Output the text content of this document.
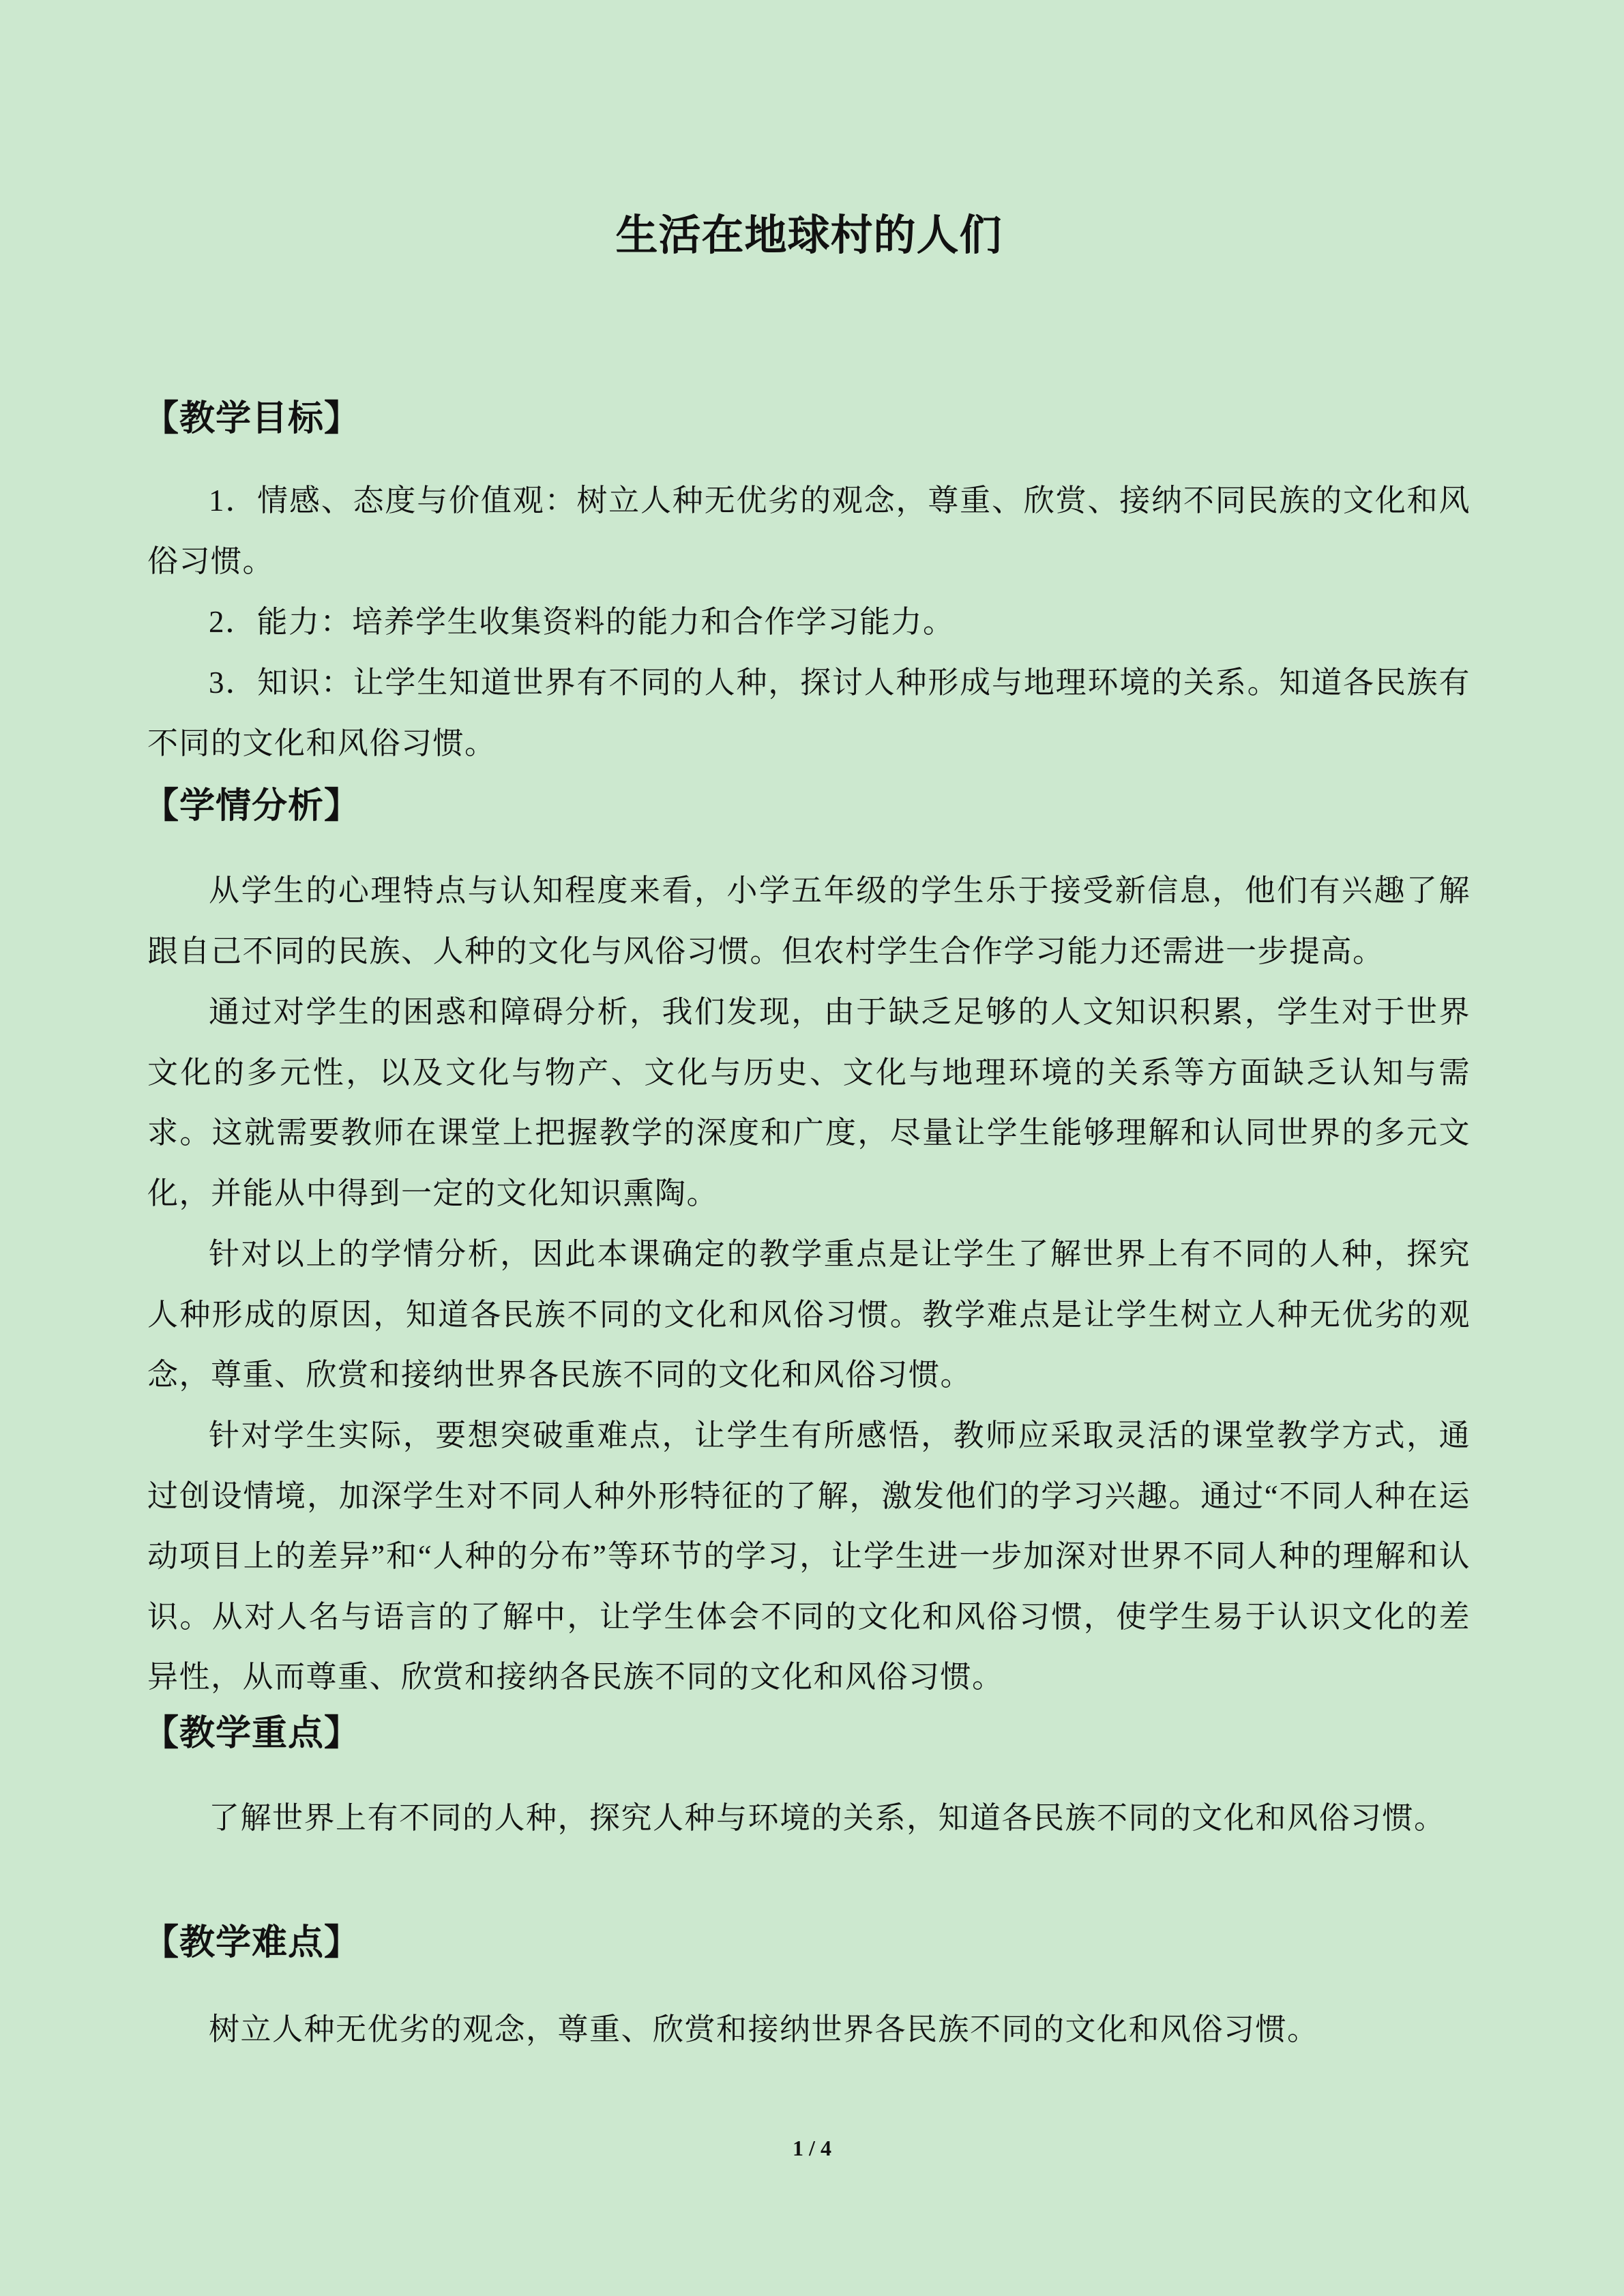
生活在地球村的人们
【教学目标】
1．情感、态度与价值观：树立人种无优劣的观念，尊重、欣赏、接纳不同民族的文化和风俗习惯。
2．能力：培养学生收集资料的能力和合作学习能力。
3．知识：让学生知道世界有不同的人种，探讨人种形成与地理环境的关系。知道各民族有不同的文化和风俗习惯。
【学情分析】
从学生的心理特点与认知程度来看，小学五年级的学生乐于接受新信息，他们有兴趣了解跟自己不同的民族、人种的文化与风俗习惯。但农村学生合作学习能力还需进一步提高。
通过对学生的困惑和障碍分析，我们发现，由于缺乏足够的人文知识积累，学生对于世界文化的多元性，以及文化与物产、文化与历史、文化与地理环境的关系等方面缺乏认知与需求。这就需要教师在课堂上把握教学的深度和广度，尽量让学生能够理解和认同世界的多元文化，并能从中得到一定的文化知识熏陶。
针对以上的学情分析，因此本课确定的教学重点是让学生了解世界上有不同的人种，探究人种形成的原因，知道各民族不同的文化和风俗习惯。教学难点是让学生树立人种无优劣的观念，尊重、欣赏和接纳世界各民族不同的文化和风俗习惯。
针对学生实际，要想突破重难点，让学生有所感悟，教师应采取灵活的课堂教学方式，通过创设情境，加深学生对不同人种外形特征的了解，激发他们的学习兴趣。通过“不同人种在运动项目上的差异”和“人种的分布”等环节的学习，让学生进一步加深对世界不同人种的理解和认识。从对人名与语言的了解中，让学生体会不同的文化和风俗习惯，使学生易于认识文化的差异性，从而尊重、欣赏和接纳各民族不同的文化和风俗习惯。
【教学重点】
了解世界上有不同的人种，探究人种与环境的关系，知道各民族不同的文化和风俗习惯。
【教学难点】
树立人种无优劣的观念，尊重、欣赏和接纳世界各民族不同的文化和风俗习惯。
1 / 4
